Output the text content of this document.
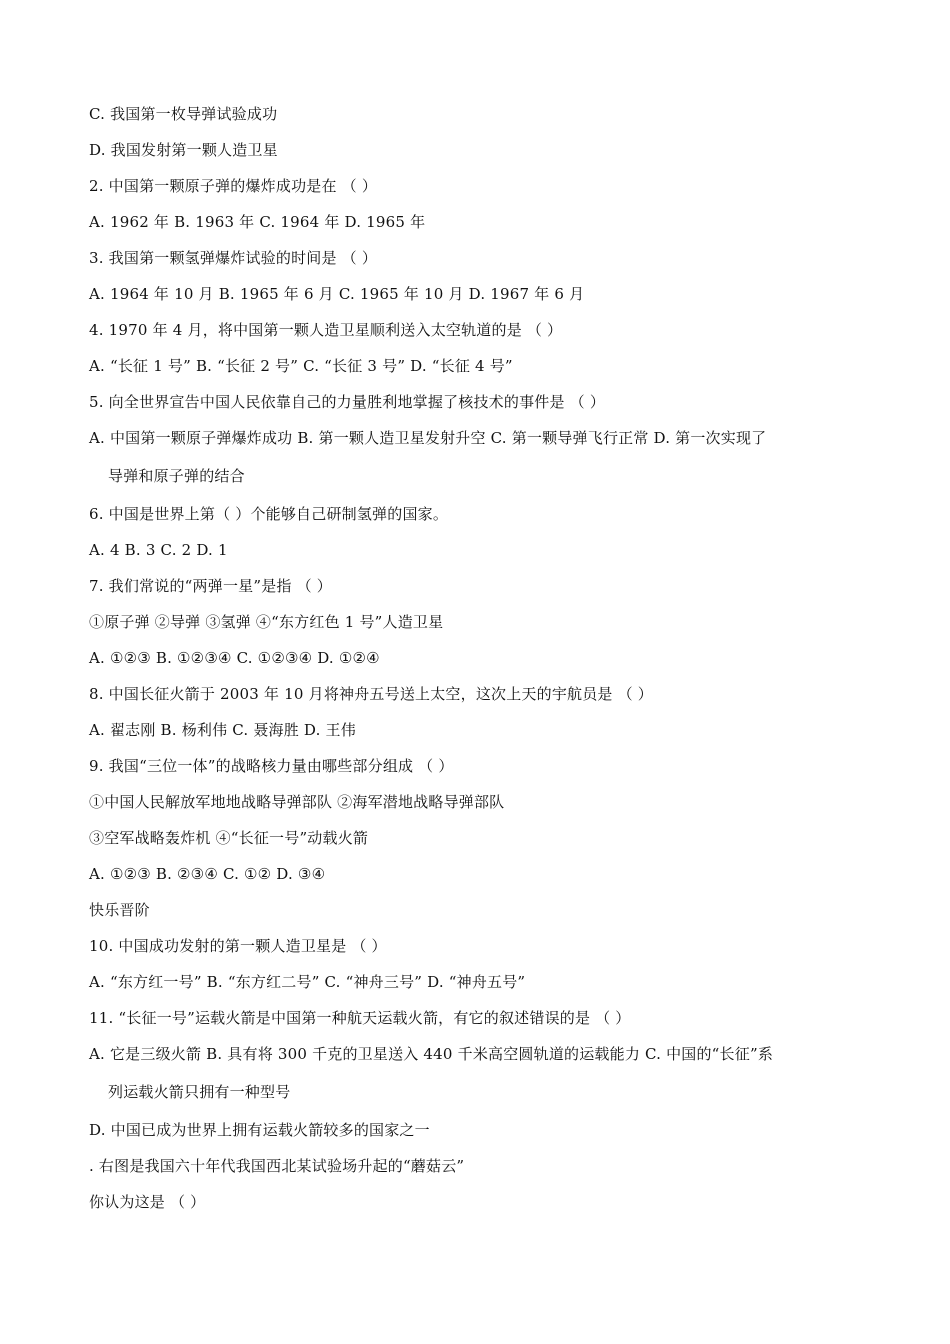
C. 我国第一枚导弹试验成功
D. 我国发射第一颗人造卫星
2. 中国第一颗原子弹的爆炸成功是在 （ ）
A. 1962 年 B. 1963 年 C. 1964 年 D. 1965 年
3. 我国第一颗氢弹爆炸试验的时间是 （ ）
A. 1964 年 10 月 B. 1965 年 6 月 C. 1965 年 10 月 D. 1967 年 6 月
4. 1970 年 4 月，将中国第一颗人造卫星顺利送入太空轨道的是 （ ）
A. “长征 1 号” B. “长征 2 号” C. “长征 3 号” D. “长征 4 号”
5. 向全世界宣告中国人民依靠自己的力量胜利地掌握了核技术的事件是 （ ）
A. 中国第一颗原子弹爆炸成功 B. 第一颗人造卫星发射升空 C. 第一颗导弹飞行正常 D. 第一次实现了
导弹和原子弹的结合
6. 中国是世界上第（ ）个能够自己研制氢弹的国家。
A. 4 B. 3 C. 2 D. 1
7. 我们常说的“两弹一星”是指 （ ）
①原子弹 ②导弹 ③氢弹 ④“东方红色 1 号”人造卫星
A. ①②③ B. ①②③④ C. ①②③④ D. ①②④
8. 中国长征火箭于 2003 年 10 月将神舟五号送上太空，这次上天的宇航员是 （ ）
A. 翟志刚 B. 杨利伟 C. 聂海胜 D. 王伟
9. 我国“三位一体”的战略核力量由哪些部分组成 （ ）
①中国人民解放军地地战略导弹部队 ②海军潜地战略导弹部队
③空军战略轰炸机 ④“长征一号”动载火箭
A. ①②③ B. ②③④ C. ①② D. ③④
快乐晋阶
10. 中国成功发射的第一颗人造卫星是 （ ）
A. “东方红一号” B. “东方红二号” C. “神舟三号” D. “神舟五号”
11. “长征一号”运载火箭是中国第一种航天运载火箭，有它的叙述错误的是 （ ）
A. 它是三级火箭 B. 具有将 300 千克的卫星送入 440 千米高空圆轨道的运载能力 C. 中国的“长征”系
列运载火箭只拥有一种型号
D. 中国已成为世界上拥有运载火箭较多的国家之一
. 右图是我国六十年代我国西北某试验场升起的“蘑菇云”
你认为这是 （ ）
